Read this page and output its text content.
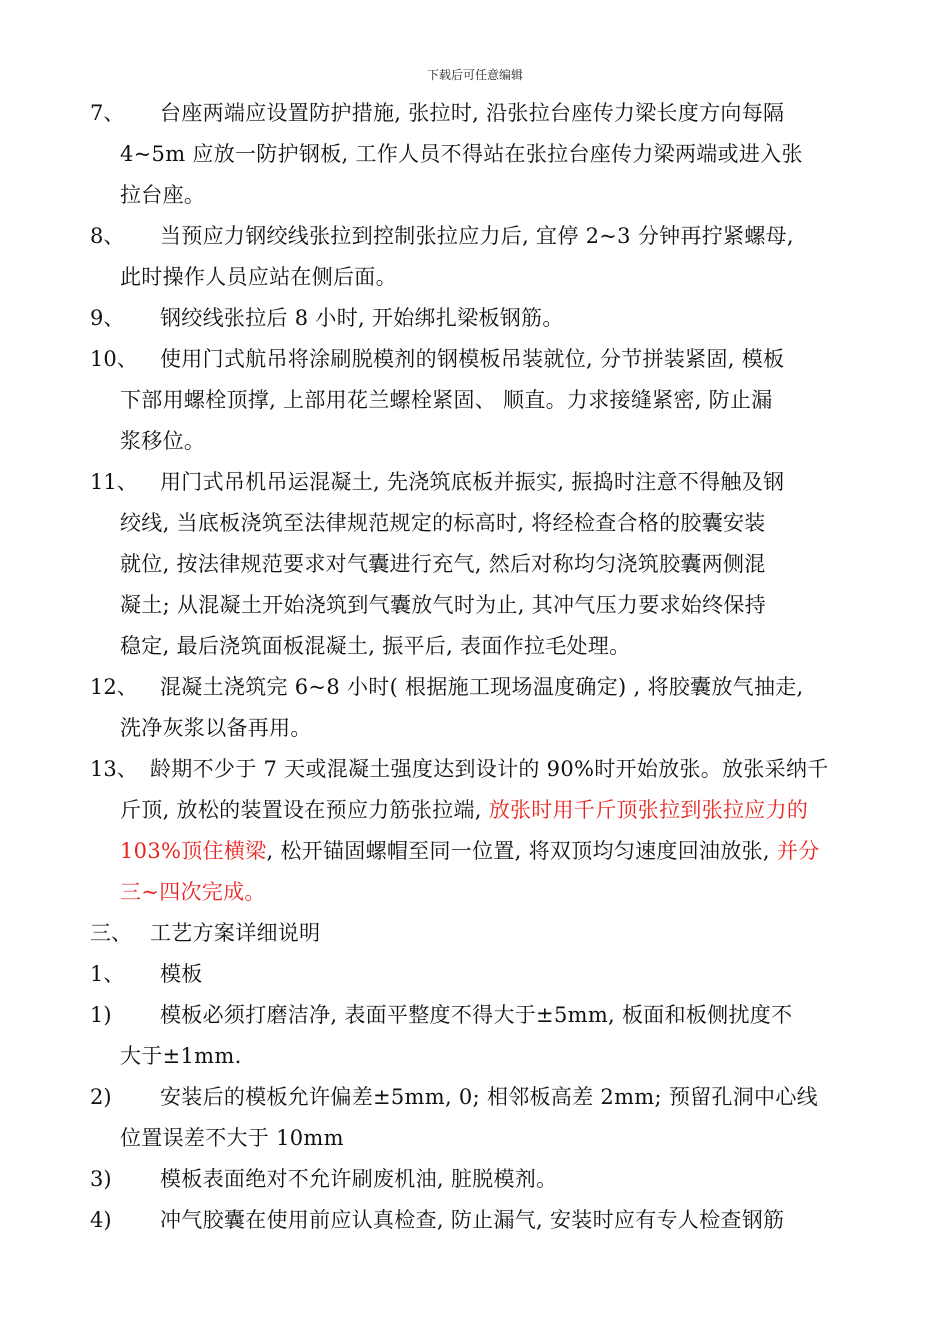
下载后可任意编辑
7、 台座两端应设置防护措施, 张拉时, 沿张拉台座传力梁长度方向每隔
4~5m 应放一防护钢板, 工作人员不得站在张拉台座传力梁两端或进入张
拉台座。
8、 当预应力钢绞线张拉到控制张拉应力后, 宜停 2~3 分钟再拧紧螺母,
此时操作人员应站在侧后面。
9、 钢绞线张拉后 8 小时, 开始绑扎梁板钢筋。
10、 使用门式航吊将涂刷脱模剂的钢模板吊装就位, 分节拼装紧固, 模板
下部用螺栓顶撑, 上部用花兰螺栓紧固、 顺直。力求接缝紧密, 防止漏
浆移位。
11、 用门式吊机吊运混凝土, 先浇筑底板并振实, 振捣时注意不得触及钢
绞线, 当底板浇筑至法律规范规定的标高时, 将经检查合格的胶囊安装
就位, 按法律规范要求对气囊进行充气, 然后对称均匀浇筑胶囊两侧混
凝土; 从混凝土开始浇筑到气囊放气时为止, 其冲气压力要求始终保持
稳定, 最后浇筑面板混凝土, 振平后, 表面作拉毛处理。
12、 混凝土浇筑完 6~8 小时( 根据施工现场温度确定) , 将胶囊放气抽走,
洗净灰浆以备再用。
13、 龄期不少于 7 天或混凝土强度达到设计的 90%时开始放张。放张采纳千
斤顶, 放松的装置设在预应力筋张拉端, 放张时用千斤顶张拉到张拉应力的
103%顶住横梁, 松开锚固螺帽至同一位置, 将双顶均匀速度回油放张, 并分
三~四次完成。
三、 工艺方案详细说明
1、 模板
1) 模板必须打磨洁净, 表面平整度不得大于±5mm, 板面和板侧扰度不
大于±1mm.
2) 安装后的模板允许偏差±5mm, 0; 相邻板高差 2mm; 预留孔洞中心线
位置误差不大于 10mm
3) 模板表面绝对不允许刷废机油, 脏脱模剂。
4) 冲气胶囊在使用前应认真检查, 防止漏气, 安装时应有专人检查钢筋
